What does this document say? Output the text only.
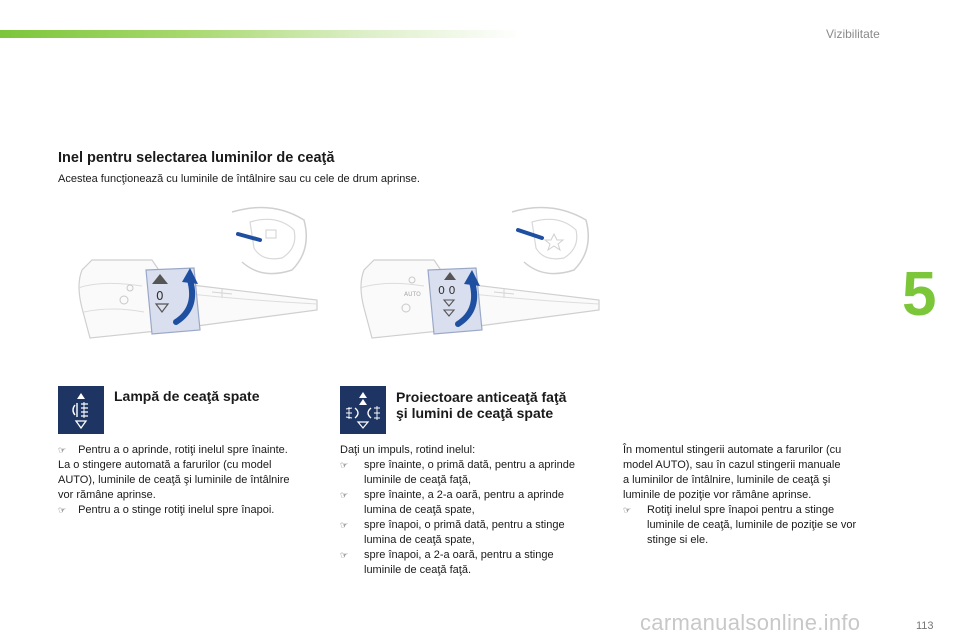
Vizibilitate
5
Inel pentru selectarea luminilor de ceaţă
Acestea funcţionează cu luminile de întâlnire sau cu cele de drum aprinse.
0	AUTO 0 0
Lampă de ceaţă spate
☞ Pentru a o aprinde, rotiţi inelul spre înainte.
La o stingere automată a farurilor (cu model
AUTO), luminile de ceaţă şi luminile de întâlnire
vor rămâne aprinse.
☞ Pentru a o stinge rotiţi inelul spre înapoi.
Proiectoare anticeaţă faţă
şi lumini de ceaţă spate
Daţi un impuls, rotind inelul:
☞ spre înainte, o primă dată, pentru a aprinde
luminile de ceaţă faţă,
☞ spre înainte, a 2-a oară, pentru a aprinde
lumina de ceaţă spate,
☞ spre înapoi, o primă dată, pentru a stinge
lumina de ceaţă spate,
☞ spre înapoi, a 2-a oară, pentru a stinge
luminile de ceaţă faţă.
În momentul stingerii automate a farurilor (cu
model AUTO), sau în cazul stingerii manuale
a luminilor de întâlnire, luminile de ceaţă şi
luminile de poziţie vor rămâne aprinse.
☞ Rotiţi inelul spre înapoi pentru a stinge
luminile de ceaţă, luminile de poziţie se vor
stinge si ele.
carmanualsonline.info	113
